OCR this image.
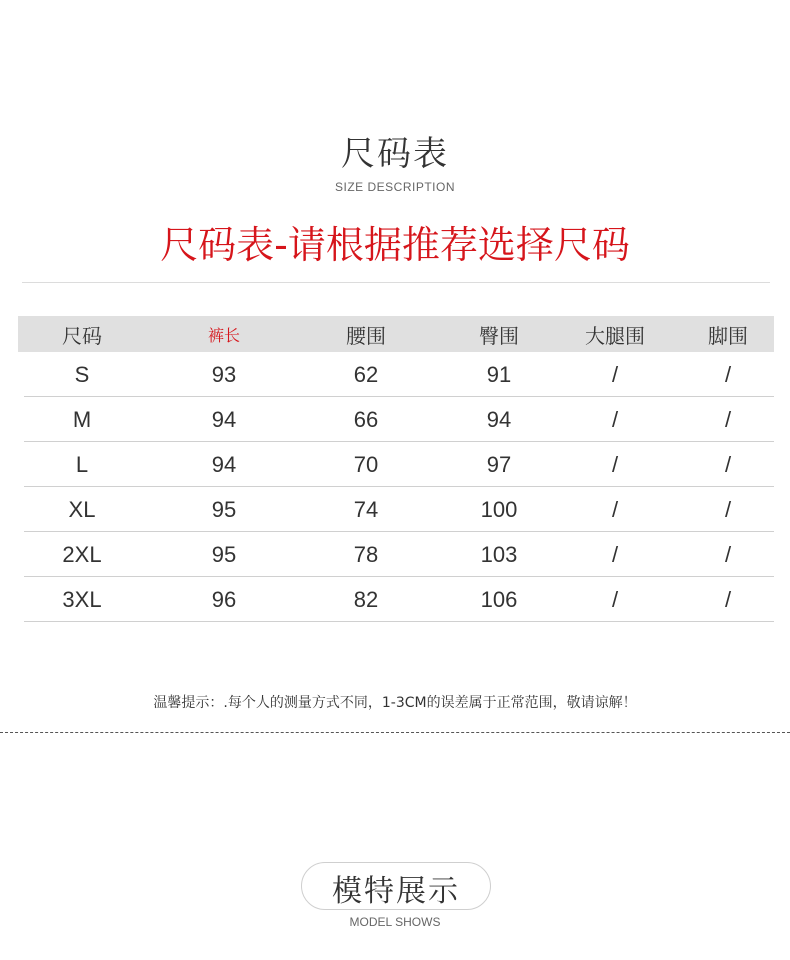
尺码表
SIZE DESCRIPTION
尺码表-请根据推荐选择尺码
尺码	裤长	腰围	臀围	大腿围	脚围
S	93	62	91	/	/
M	94	66	94	/	/
L	94	70	97	/	/
XL	95	74	100	/	/
2XL	95	78	103	/	/
3XL	96	82	106	/	/
温馨提示：.每个人的测量方式不同，1-3CM的误差属于正常范围，敬请谅解！
模特展示
MODEL SHOWS
